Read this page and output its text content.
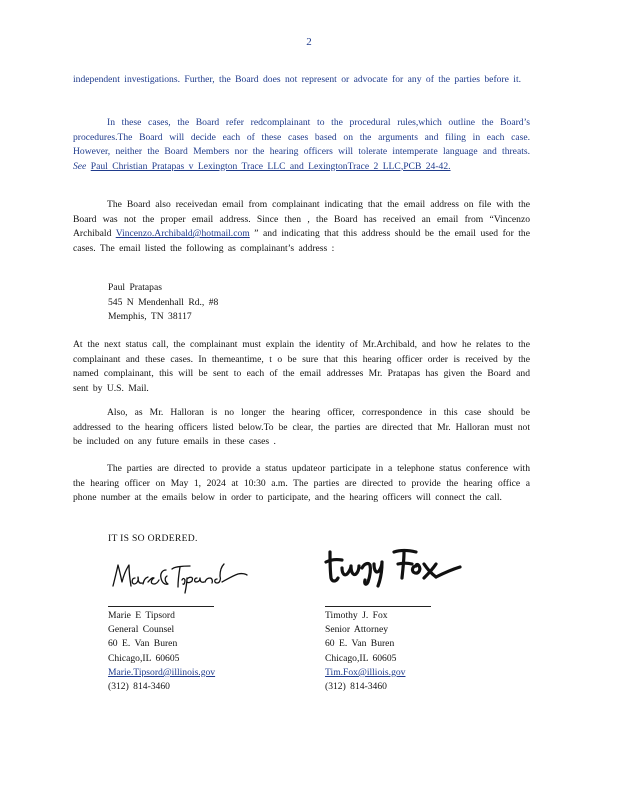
2

independent investigations. Further, the Board does not represent or advocate for any of the parties before it.

In these cases, the Board refer redcomplainant to the procedural rules,which outline the Board’s procedures.The Board will decide each of these cases based on the arguments and filing in each case. However, neither the Board Members nor the hearing officers will tolerate intemperate language and threats. See Paul Christian Pratapas v Lexington Trace LLC and LexingtonTrace 2 LLC,PCB 24-42.

The Board also receivedan email from complainant indicating that the email address on file with the Board was not the proper email address. Since then , the Board has received an email from “Vincenzo Archibald Vincenzo.Archibald@hotmail.com ” and indicating that this address should be the email used for the cases. The email listed the following as complainant’s address :

Paul Pratapas
545 N Mendenhall Rd., #8
Memphis, TN 38117

At the next status call, the complainant must explain the identity of Mr.Archibald, and how he relates to the complainant and these cases. In themeantime, t o be sure that this hearing officer order is received by the named complainant, this will be sent to each of the email addresses Mr. Pratapas has given the Board and sent by U.S. Mail.

Also, as Mr. Halloran is no longer the hearing officer, correspondence in this case should be addressed to the hearing officers listed below.To be clear, the parties are directed that Mr. Halloran must not be included on any future emails in these cases .

The parties are directed to provide a status updateor participate in a telephone status conference with the hearing officer on May 1, 2024 at 10:30 a.m. The parties are directed to provide the hearing office a phone number at the emails below in order to participate, and the hearing officers will connect the call.

IT IS SO ORDERED.
Marie E Tipsord
General Counsel
60 E. Van Buren
Chicago,IL 60605
Marie.Tipsord@illinois.gov
(312) 814-3460
Timothy J. Fox
Senior Attorney
60 E. Van Buren
Chicago,IL 60605
Tim.Fox@illiois.gov
(312) 814-3460
